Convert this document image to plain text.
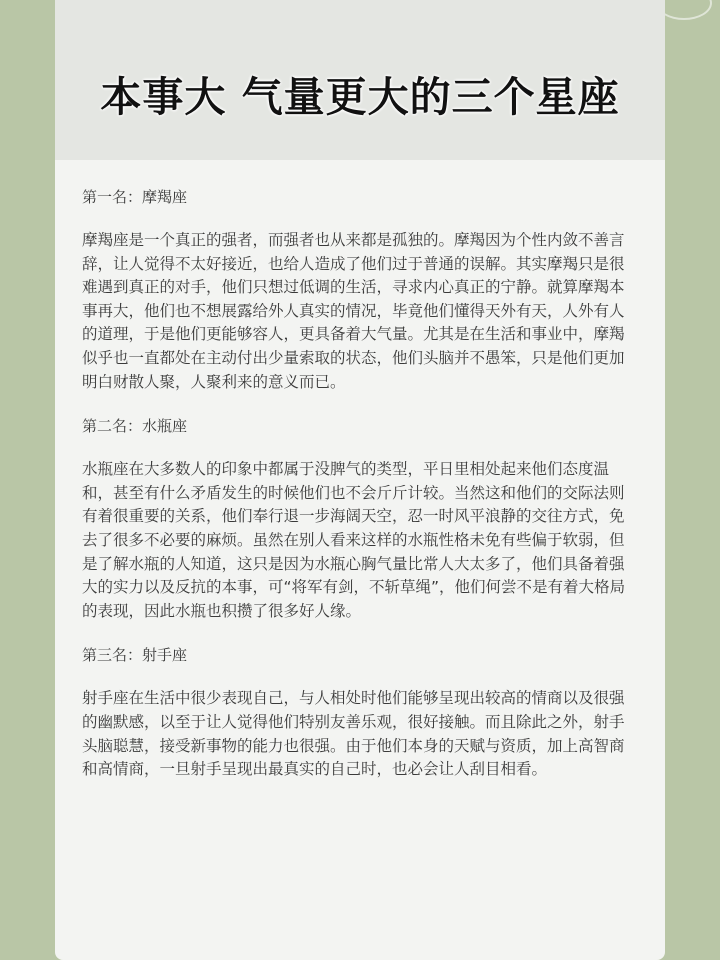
本事大 气量更大的三个星座

第一名：摩羯座

摩羯座是一个真正的强者，而强者也从来都是孤独的。摩羯因为个性内敛不善言辞，让人觉得不太好接近，也给人造成了他们过于普通的误解。其实摩羯只是很难遇到真正的对手，他们只想过低调的生活，寻求内心真正的宁静。就算摩羯本事再大，他们也不想展露给外人真实的情况，毕竟他们懂得天外有天，人外有人的道理，于是他们更能够容人，更具备着大气量。尤其是在生活和事业中，摩羯似乎也一直都处在主动付出少量索取的状态，他们头脑并不愚笨，只是他们更加明白财散人聚，人聚利来的意义而已。

第二名：水瓶座

水瓶座在大多数人的印象中都属于没脾气的类型，平日里相处起来他们态度温和，甚至有什么矛盾发生的时候他们也不会斤斤计较。当然这和他们的交际法则有着很重要的关系，他们奉行退一步海阔天空，忍一时风平浪静的交往方式，免去了很多不必要的麻烦。虽然在别人看来这样的水瓶性格未免有些偏于软弱，但是了解水瓶的人知道，这只是因为水瓶心胸气量比常人大太多了，他们具备着强大的实力以及反抗的本事，可“将军有剑，不斩草绳”，他们何尝不是有着大格局的表现，因此水瓶也积攒了很多好人缘。

第三名：射手座

射手座在生活中很少表现自己，与人相处时他们能够呈现出较高的情商以及很强的幽默感，以至于让人觉得他们特别友善乐观，很好接触。而且除此之外，射手头脑聪慧，接受新事物的能力也很强。由于他们本身的天赋与资质，加上高智商和高情商，一旦射手呈现出最真实的自己时，也必会让人刮目相看。
